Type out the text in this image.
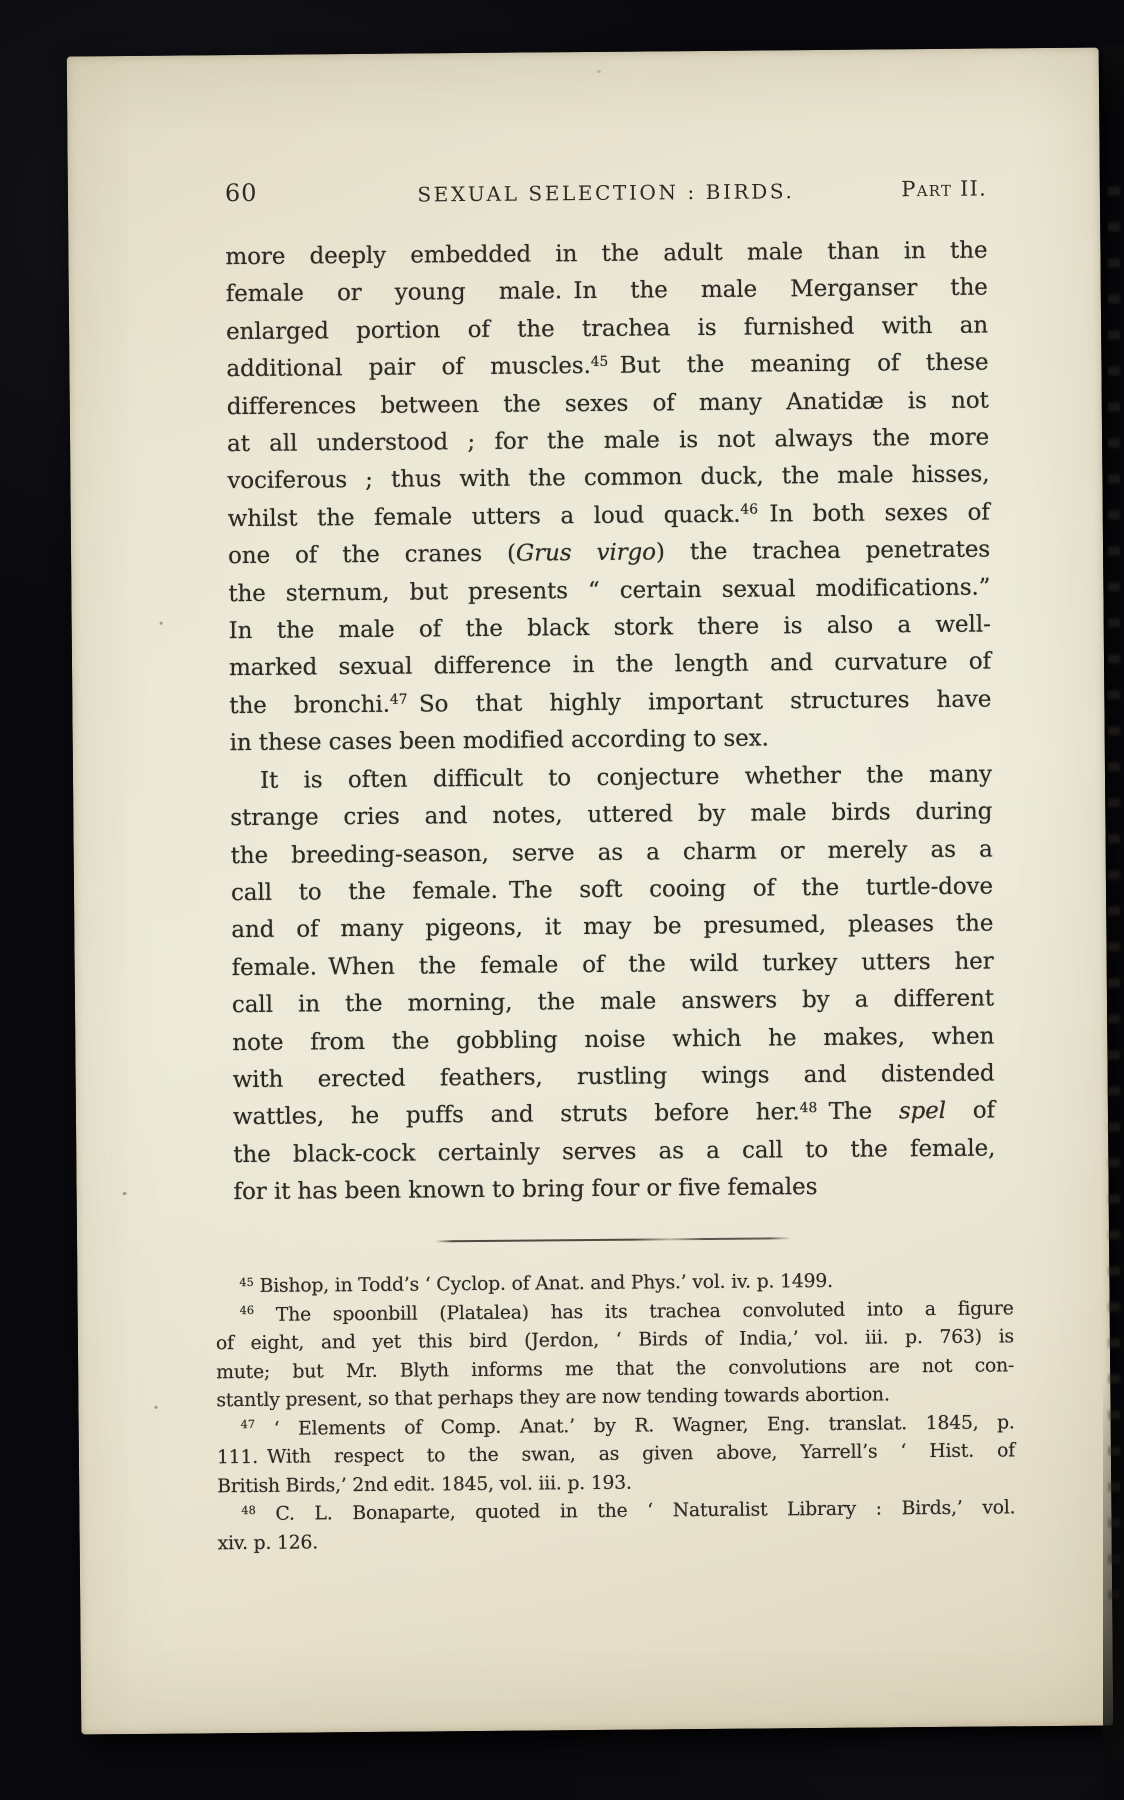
60	SEXUAL SELECTION : BIRDS.	Part II.
more deeply embedded in the adult male than in the
female or young male. In the male Merganser the
enlarged portion of the trachea is furnished with an
additional pair of muscles.$^{45}$ But the meaning of these
differences between the sexes of many Anatidæ is not
at all understood ; for the male is not always the more
vociferous ; thus with the common duck, the male hisses,
whilst the female utters a loud quack.$^{46}$ In both sexes of
one of the cranes (Grus virgo) the trachea penetrates
the sternum, but presents “ certain sexual modifications.”
In the male of the black stork there is also a well-
marked sexual difference in the length and curvature of
the bronchi.$^{47}$ So that highly important structures have
in these cases been modified according to sex.
It is often difficult to conjecture whether the many
strange cries and notes, uttered by male birds during
the breeding-season, serve as a charm or merely as a
call to the female. The soft cooing of the turtle-dove
and of many pigeons, it may be presumed, pleases the
female. When the female of the wild turkey utters her
call in the morning, the male answers by a different
note from the gobbling noise which he makes, when
with erected feathers, rustling wings and distended
wattles, he puffs and struts before her.$^{48}$ The spel of
the black-cock certainly serves as a call to the female,
for it has been known to bring four or five females
$^{45}$ Bishop, in Todd’s ‘ Cyclop. of Anat. and Phys.’ vol. iv. p. 1499.
$^{46}$ The spoonbill (Platalea) has its trachea convoluted into a figure
of eight, and yet this bird (Jerdon, ‘ Birds of India,’ vol. iii. p. 763) is
mute; but Mr. Blyth informs me that the convolutions are not con-
stantly present, so that perhaps they are now tending towards abortion.
$^{47}$ ‘ Elements of Comp. Anat.’ by R. Wagner, Eng. translat. 1845, p.
111. With respect to the swan, as given above, Yarrell’s ‘ Hist. of
British Birds,’ 2nd edit. 1845, vol. iii. p. 193.
$^{48}$ C. L. Bonaparte, quoted in the ‘ Naturalist Library : Birds,’ vol.
xiv. p. 126.
